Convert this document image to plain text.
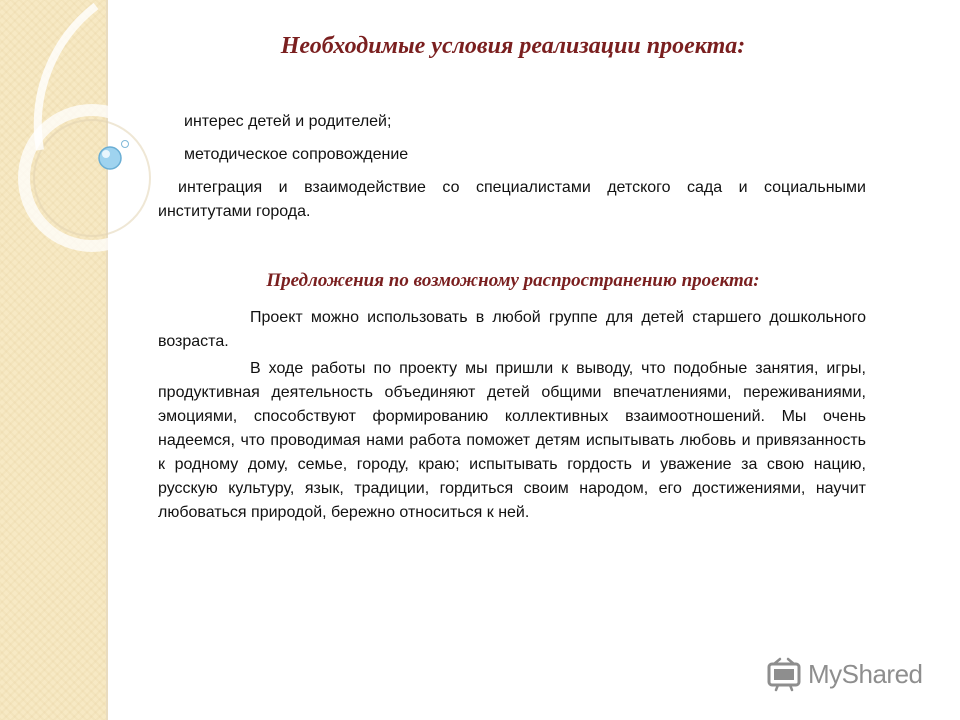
Необходимые условия реализации проекта:

интерес детей и родителей;

методическое сопровождение

интеграция и взаимодействие со специалистами детского сада и социальными институтами города.

Предложения по возможному распространению проекта:

Проект можно использовать в любой группе для детей старшего дошкольного возраста.

В ходе работы по проекту мы пришли к выводу, что подобные занятия, игры, продуктивная деятельность объединяют детей общими впечатлениями, переживаниями, эмоциями, способствуют формированию коллективных взаимоотношений. Мы очень надеемся, что проводимая нами работа поможет детям испытывать любовь и привязанность к родному дому, семье, городу, краю; испытывать гордость и уважение за свою нацию, русскую культуру, язык, традиции, гордиться своим народом, его достижениями, научит любоваться природой, бережно относиться к ней.

MyShared
